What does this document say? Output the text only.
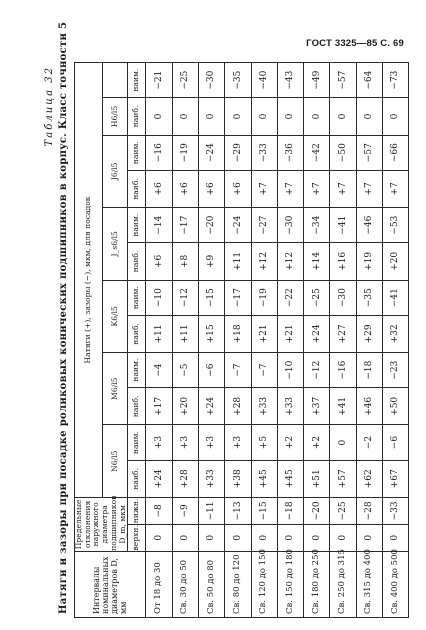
ГОСТ 3325—85 С. 69
Таблица 32 Натяги и зазоры при посадке роликовых конических подшипников в корпус. Класс точности 5	Интервалы номинальных диаметров D, мм	Предельные отклонения наружного диаметра подшипников D_m, мкм		Натяги (+), зазоры (−), мкм, для посадок											
			N6/l5		M6/l5		K6/l5		J_s6/l5		J6/l5		H6/l5	
	верхн.	нижн.	наиб.	наим.	наиб.	наим.	наиб.	наим.	наиб.	наим.	наиб.	наим.	наиб.	наим.
От 18 до 30	0	−8	+24	+3	+17	−4	+11	−10	+6	−14	+6	−16	0	−21
Св. 30 до 50	0	−9	+28	+3	+20	−5	+11	−12	+8	−17	+6	−19	0	−25
Св. 50 до 80	0	−11	+33	+3	+24	−6	+15	−15	+9	−20	+6	−24	0	−30
Св. 80 до 120	0	−13	+38	+3	+28	−7	+18	−17	+11	−24	+6	−29	0	−35
Св. 120 до 150	0	−15	+45	+5	+33	−7	+21	−19	+12	−27	+7	−33	0	−40
Св. 150 до 180	0	−18	+45	+2	+33	−10	+21	−22	+12	−30	+7	−36	0	−43
Св. 180 до 250	0	−20	+51	+2	+37	−12	+24	−25	+14	−34	+7	−42	0	−49
Св. 250 до 315	0	−25	+57	0	+41	−16	+27	−30	+16	−41	+7	−50	0	−57
Св. 315 до 400	0	−28	+62	−2	+46	−18	+29	−35	+19	−46	+7	−57	0	−64
Св. 400 до 500	0	−33	+67	−6	+50	−23	+32	−41	+20	−53	+7	−66	0	−73
